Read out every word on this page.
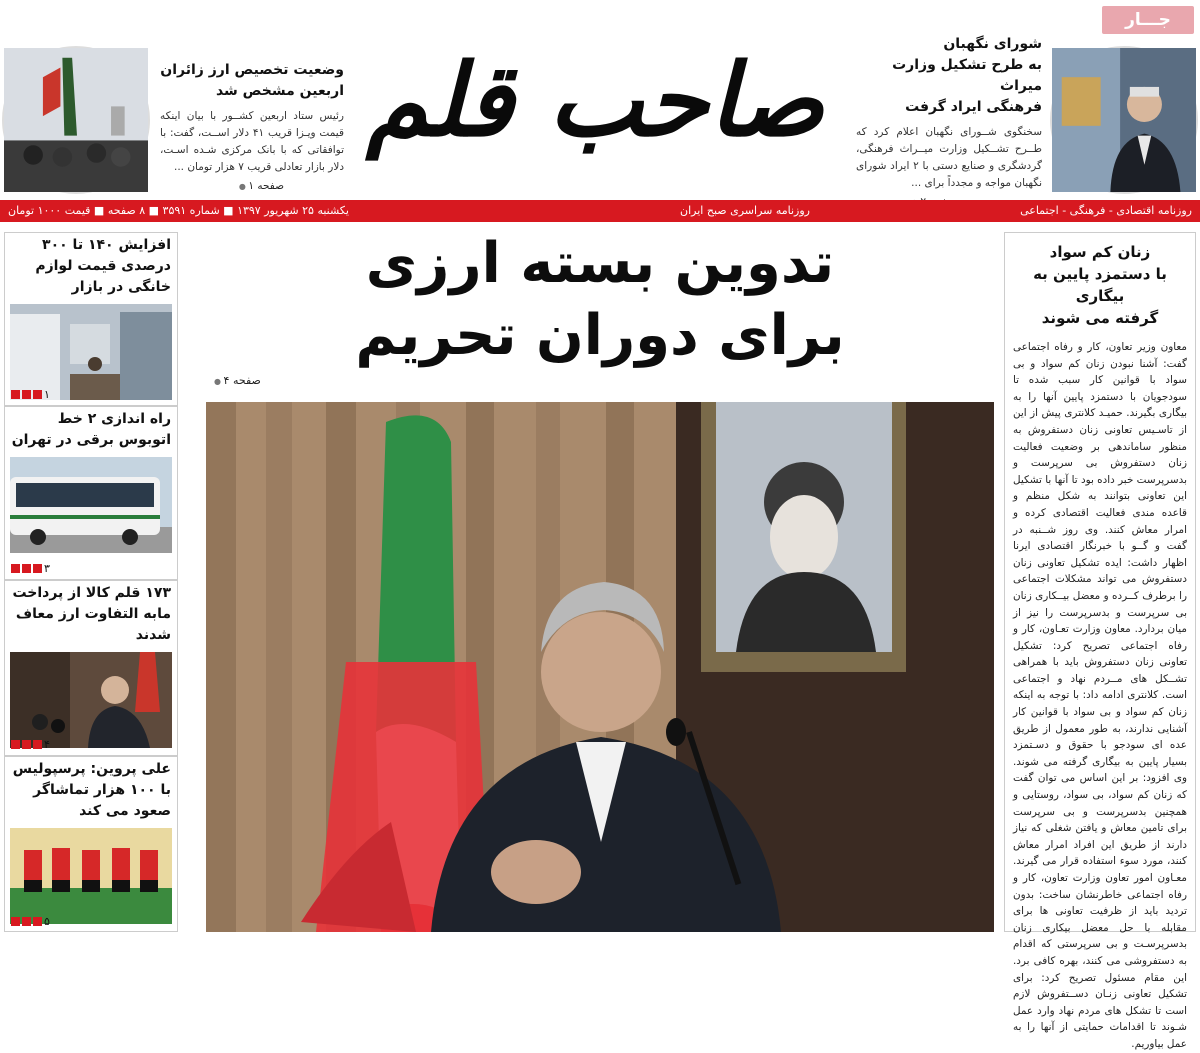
جـــار
شورای نگهبان
به طرح تشکیل وزارت میراث
فرهنگی ایراد گرفت
سخنگوی شــورای نگهبان اعلام کرد که طــرح تشــکیل وزارت میــراث فرهنگی، گردشگری و صنایع دستی با ۲ ایراد شورای نگهبان مواجه و مجدداً برای ...
●
صاحب قلم
وضعیت تخصیص ارز زائران
اربعین مشخص شد
رئیس ستاد اربعین کشــور با بیان اینکه قیمت ویـزا قریب ۴۱ دلار اســت، گفت: با توافقاتی که با بانک مرکزی شـده اسـت، دلار بازار تعادلی قریب ۷ هزار تومان ...
صفحه ۱ ●
روزنامه اقتصادی - فرهنگی - اجتماعی
روزنامه سراسری صبح ایران
یکشنبه ۲۵ شهریور ۱۳۹۷ ■ شماره ۳۵۹۱ ■ ۸ صفحه ■ قیمت ۱۰۰۰ تومان
افزایش ۱۴۰ تا ۳۰۰ درصدی قیمت لوازم خانگی در بازار
۱
راه اندازی ۲ خط اتوبوس برقی در تهران
۳
۱۷۳ قلم کالا از پرداخت مابه التفاوت ارز معاف شدند
۴
علی پروین: پرسپولیس با ۱۰۰ هزار تماشاگر صعود می کند
۵
تدوین بسته ارزی
برای دوران تحریم
صفحه ۴ ●
زنان کم سواد
با دستمزد پایین به بیگاری
گرفته می شوند
معاون وزیر تعاون، کار و رفاه اجتماعی گفت: آشنا نبودن زنان کم سواد و بی سواد با قوانین کار سبب شده تا سودجویان با دستمزد پایین آنها را به بیگاری بگیرند. حمیـد کلانتری پیش از این از تاسـیس تعاونی زنان دستفروش به منظور ساماندهی بر وضعیت فعالیت زنان دستفروش بی سرپرست و بدسرپرست خبر داده بود تا آنها با تشکیل این تعاونی بتوانند به شکل منظم و قاعده مندی فعالیت اقتصادی کرده و امرار معاش کنند. وی روز شــنبه در گفت و گــو با خبرنگار اقتصادی ایرنا اظهار داشت: ایده تشکیل تعاونی زنان دستفروش می تواند مشکلات اجتماعی را برطرف کــرده و معضل بیــکاری زنان بی سرپرست و بدسرپرست را نیز از میان بردارد. معاون وزارت تعـاون، کار و رفاه اجتماعی تصریح کرد: تشکیل تعاونی زنان دستفروش باید با همراهی تشــکل های مــردم نهاد و اجتماعی است. کلانتری ادامه داد: با توجه به اینکه زنان کم سواد و بی سواد با قوانین کار آشنایی ندارند، به طور معمول از طریق عده ای سودجو با حقوق و دسـتمزد بسیار پایین به بیگاری گرفته می شوند. وی افزود: بر این اساس می توان گفت که زنان کم سواد، بی سواد، روستایی و همچنین بدسرپرست و بی سرپرست برای تامین معاش و یافتن شغلی که نیاز دارند از طریق این افراد امرار معاش کنند، مورد سوء استفاده قرار می گیرند. معـاون امور تعاون وزارت تعاون، کار و رفاه اجتماعی خاطرنشان ساخت: بدون تردید باید از ظرفیت تعاونی ها برای مقابله با حل معضل بیکاری زنان بدسرپرسـت و بی سرپرستی که اقدام به دستفروشی می کنند، بهره کافی برد. این مقام مسئول تصریح کرد: برای تشکیل تعاونی زنـان دســتفروش لازم است تا تشکل های مردم نهاد وارد عمل شـوند تا اقدامات حمایتی از آنها را به عمل بیاوریم.
